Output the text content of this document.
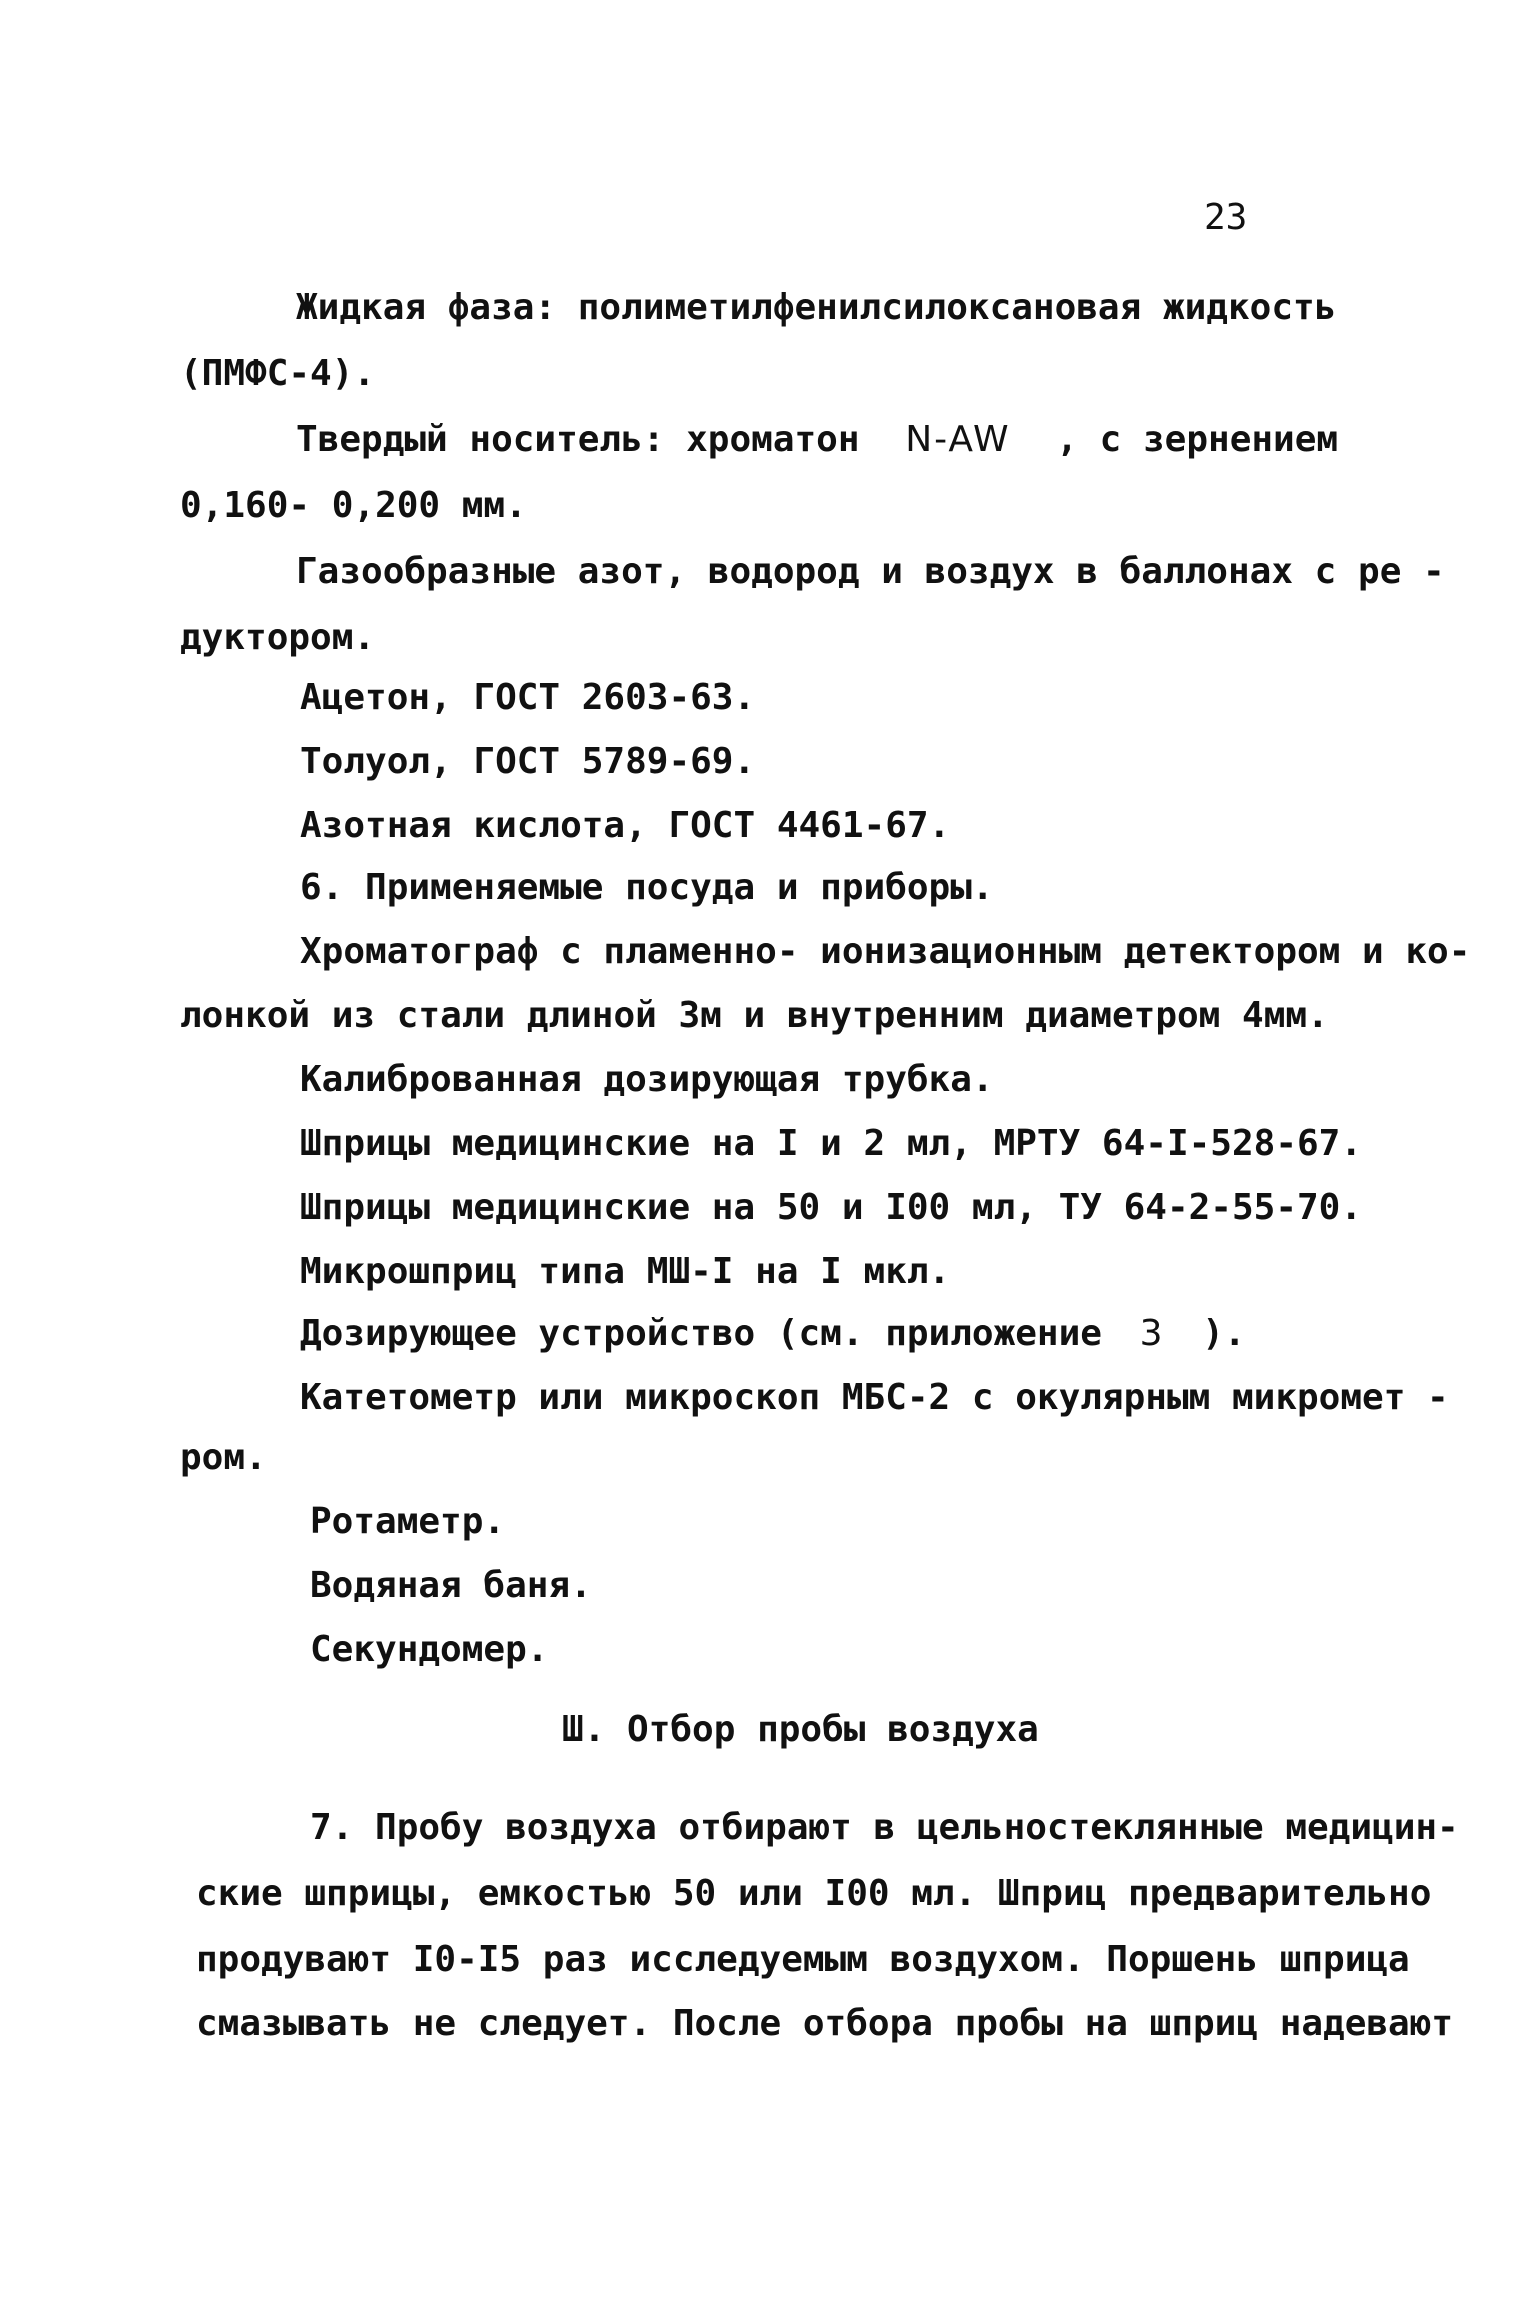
23
Жидкая фаза: полиметилфенилсилоксановая жидкость
(ПМФС-4).
Твердый носитель: хроматон N-AW , с зернением
0,160- 0,200 мм.
Газообразные азот, водород и воздух в баллонах с ре -
дуктором.
Ацетон, ГОСТ 2603-63.
Толуол, ГОСТ 5789-69.
Азотная кислота, ГОСТ 4461-67.
6. Применяемые посуда и приборы.
Хроматограф с пламенно- ионизационным детектором и ко-
лонкой из стали длиной 3м и внутренним диаметром 4мм.
Калиброванная дозирующая трубка.
Шприцы медицинские на I и 2 мл, МРТУ 64-I-528-67.
Шприцы медицинские на 50 и I00 мл, ТУ 64-2-55-70.
Микрошприц типа МШ-I на I мкл.
Дозирующее устройство (см. приложение 3 ).
Катетометр или микроскоп МБС-2 с окулярным микромет -
ром.
Ротаметр.
Водяная баня.
Секундомер.
Ш. Отбор пробы воздуха
7. Пробу воздуха отбирают в цельностеклянные медицин-
ские шприцы, емкостью 50 или I00 мл. Шприц предварительно
продувают I0-I5 раз исследуемым воздухом. Поршень шприца
смазывать не следует. После отбора пробы на шприц надевают
